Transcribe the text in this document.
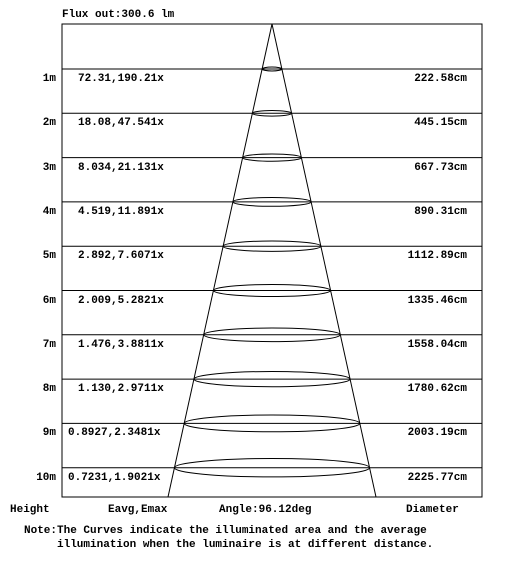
Flux out:300.6 lm
1m 72.31,190.21x	222.58cm
2m 18.08,47.541x	445.15cm
3m 8.034,21.131x	667.73cm
4m 4.519,11.891x	890.31cm
5m 2.892,7.6071x	1112.89cm
6m 2.009,5.2821x	1335.46cm
7m 1.476,3.8811x	1558.04cm
8m 1.130,2.9711x	1780.62cm
9m 0.8927,2.3481x	2003.19cm
10m 0.7231,1.9021x	2225.77cm
Height	Eavg,Emax	Angle:96.12deg	Diameter
Note:The Curves indicate the illuminated area and the average
illumination when the luminaire is at different distance.
